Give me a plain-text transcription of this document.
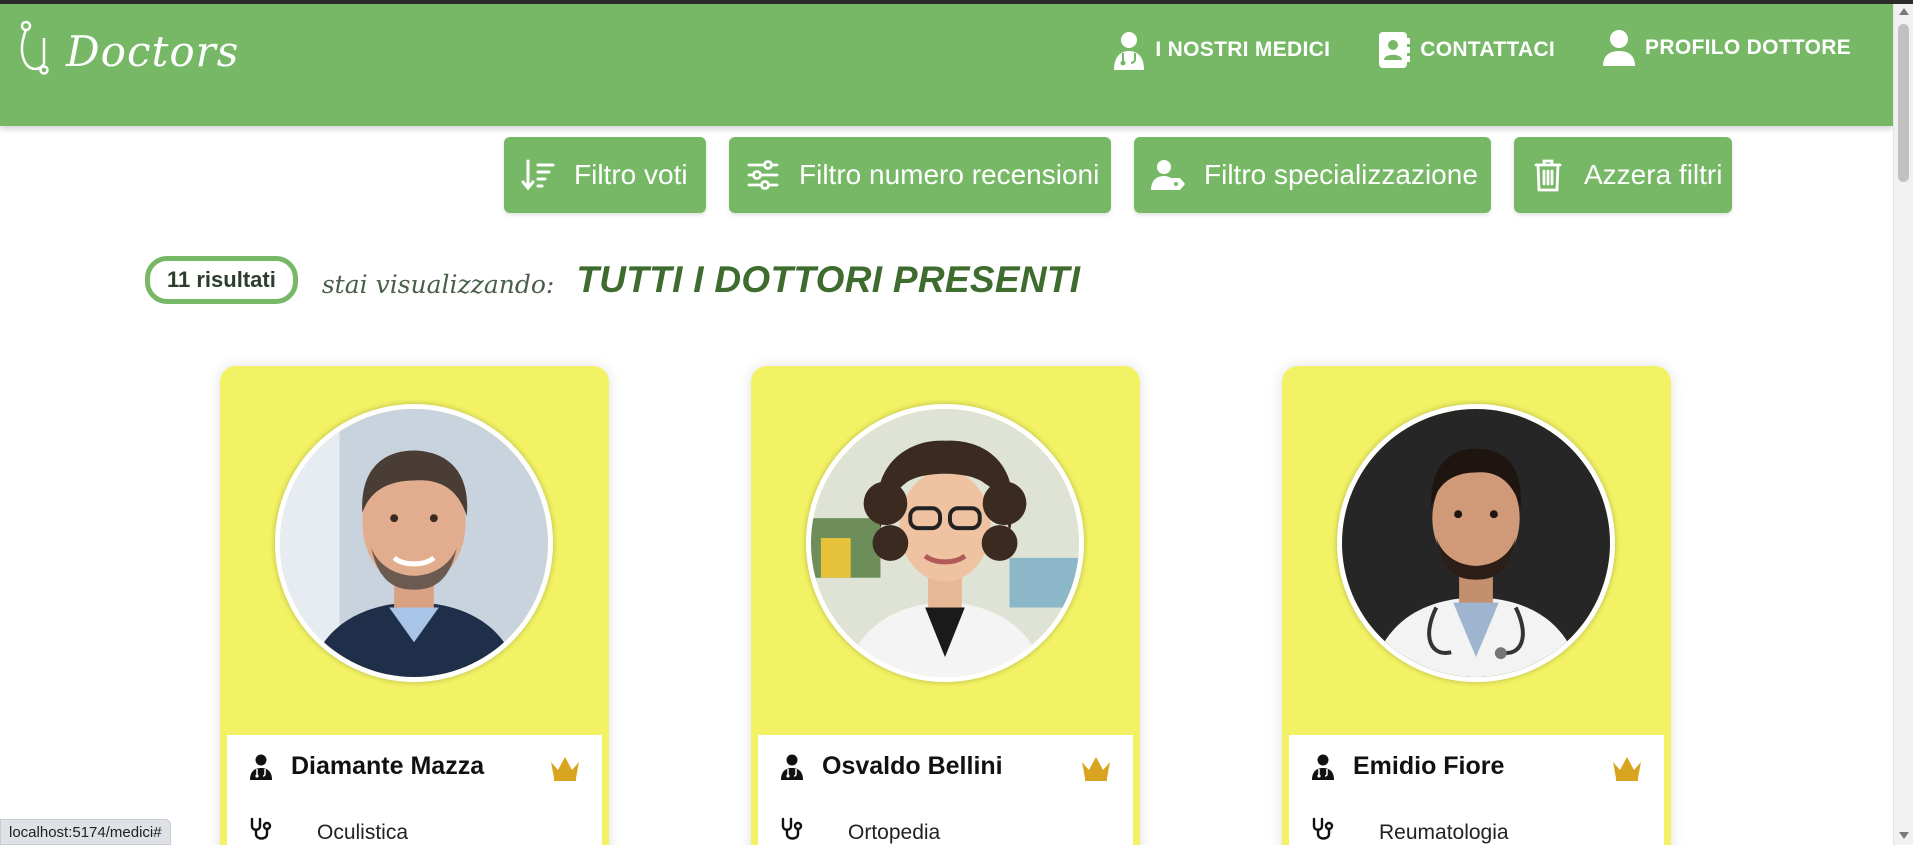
Doctors	I NOSTRI MEDICI	CONTATTACI	PROFILO DOTTORE
Filtro voti	Filtro numero recensioni	Filtro specializzazione	Azzera filtri
11 risultati	stai visualizzando: TUTTI I DOTTORI PRESENTI
Diamante Mazza
Oculistica
Osvaldo Bellini
Ortopedia
Emidio Fiore
Reumatologia
localhost:5174/medici#
